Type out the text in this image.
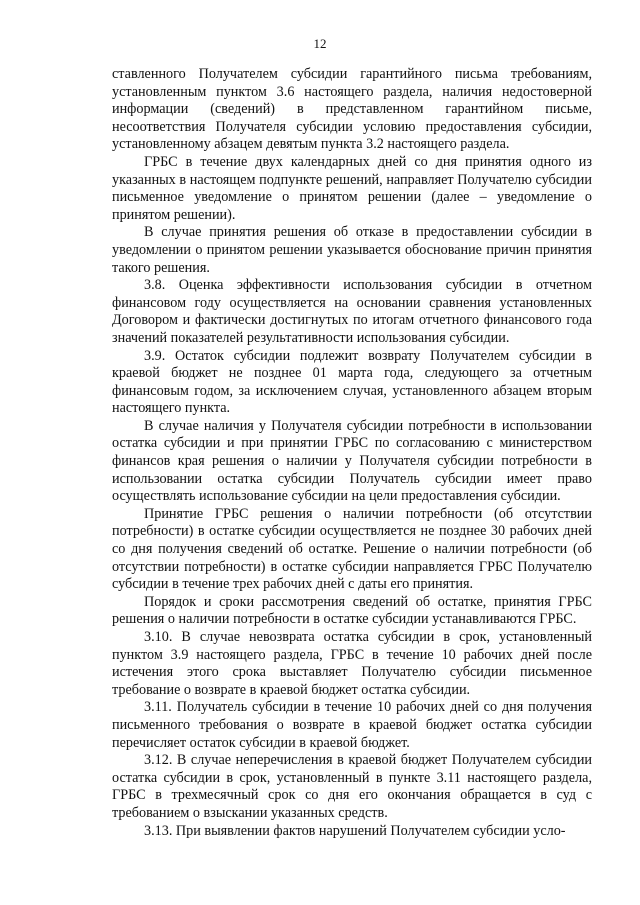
12

ставленного Получателем субсидии гарантийного письма требованиям, установленным пунктом 3.6 настоящего раздела, наличия недостоверной информации (сведений) в представленном гарантийном письме, несоответствия Получателя субсидии условию предоставления субсидии, установленному абзацем девятым пункта 3.2 настоящего раздела.

ГРБС в течение двух календарных дней со дня принятия одного из указанных в настоящем подпункте решений, направляет Получателю субсидии письменное уведомление о принятом решении (далее – уведомление о принятом решении).

В случае принятия решения об отказе в предоставлении субсидии в уведомлении о принятом решении указывается обоснование причин принятия такого решения.

3.8. Оценка эффективности использования субсидии в отчетном финансовом году осуществляется на основании сравнения установленных Договором и фактически достигнутых по итогам отчетного финансового года значений показателей результативности использования субсидии.

3.9. Остаток субсидии подлежит возврату Получателем субсидии в краевой бюджет не позднее 01 марта года, следующего за отчетным финансовым годом, за исключением случая, установленного абзацем вторым настоящего пункта.

В случае наличия у Получателя субсидии потребности в использовании остатка субсидии и при принятии ГРБС по согласованию с министерством финансов края решения о наличии у Получателя субсидии потребности в использовании остатка субсидии Получатель субсидии имеет право осуществлять использование субсидии на цели предоставления субсидии.

Принятие ГРБС решения о наличии потребности (об отсутствии потребности) в остатке субсидии осуществляется не позднее 30 рабочих дней со дня получения сведений об остатке. Решение о наличии потребности (об отсутствии потребности) в остатке субсидии направляется ГРБС Получателю субсидии в течение трех рабочих дней с даты его принятия.

Порядок и сроки рассмотрения сведений об остатке, принятия ГРБС решения о наличии потребности в остатке субсидии устанавливаются ГРБС.

3.10. В случае невозврата остатка субсидии в срок, установленный пунктом 3.9 настоящего раздела, ГРБС в течение 10 рабочих дней после истечения этого срока выставляет Получателю субсидии письменное требование о возврате в краевой бюджет остатка субсидии.

3.11. Получатель субсидии в течение 10 рабочих дней со дня получения письменного требования о возврате в краевой бюджет остатка субсидии перечисляет остаток субсидии в краевой бюджет.

3.12. В случае неперечисления в краевой бюджет Получателем субсидии остатка субсидии в срок, установленный в пункте 3.11 настоящего раздела, ГРБС в трехмесячный срок со дня его окончания обращается в суд с требованием о взыскании указанных средств.

3.13. При выявлении фактов нарушений Получателем субсидии усло-
